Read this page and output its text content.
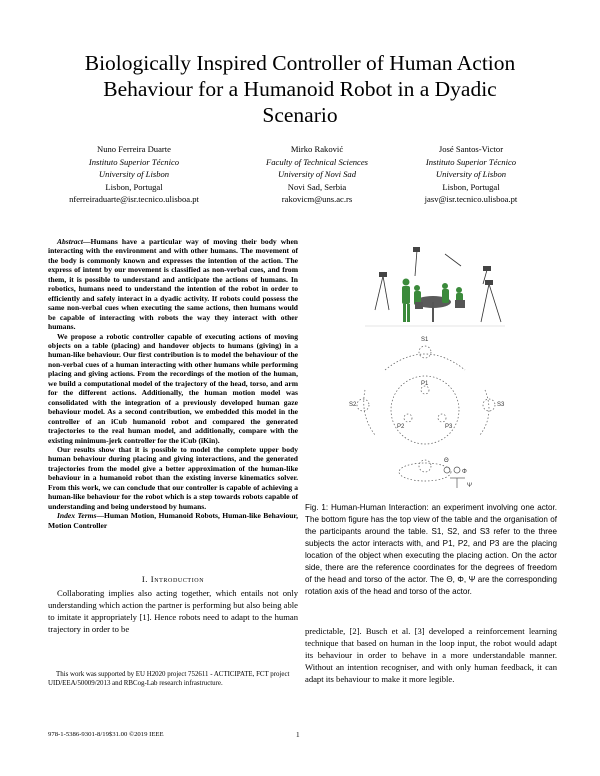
Biologically Inspired Controller of Human Action
Behaviour for a Humanoid Robot in a Dyadic
Scenario
Nuno Ferreira Duarte
Instituto Superior Técnico
University of Lisbon
Lisbon, Portugal
nferreiraduarte@isr.tecnico.ulisboa.pt
Mirko Raković
Faculty of Technical Sciences
University of Novi Sad
Novi Sad, Serbia
rakovicm@uns.ac.rs
José Santos-Victor
Instituto Superior Técnico
University of Lisbon
Lisbon, Portugal
jasv@isr.tecnico.ulisboa.pt

Abstract—Humans have a particular way of moving their body when interacting with the environment and with other humans. The movement of the body is commonly known and expresses the intention of the action. The express of intent by our movement is classified as non-verbal cues, and from them, it is possible to understand and anticipate the actions of humans. In robotics, humans need to understand the intention of the robot in order to efficiently and safely interact in a dyadic activity. If robots could possess the same non-verbal cues when executing the same actions, then humans would be capable of interacting with robots the way they interact with other humans.

We propose a robotic controller capable of executing actions of moving objects on a table (placing) and handover objects to humans (giving) in a human-like behaviour. Our first contribution is to model the behaviour of the non-verbal cues of a human interacting with other humans while performing placing and giving actions. From the recordings of the motion of the human, we build a computational model of the trajectory of the head, torso, and arm for the different actions. Additionally, the human motion model was consolidated with the integration of a previously developed human gaze behaviour model. As a second contribution, we embedded this model in the controller of an iCub humanoid robot and compared the generated trajectories to the real human model, and additionally, compare with the existing minimum-jerk controller for the iCub (iKin).

Our results show that it is possible to model the complete upper body human behaviour during placing and giving interactions, and the generated trajectories from the model give a better approximation of the human-like behaviour in a humanoid robot than the existing inverse kinematics solver. From this work, we can conclude that our controller is capable of achieving a human-like behaviour for the robot which is a step towards robots capable of understanding and being understood by humans.

Index Terms—Human Motion, Humanoid Robots, Human-like Behaviour, Motion Controller

I. Introduction

Collaborating implies also acting together, which entails not only understanding which action the partner is performing but also being able to imitate it appropriately [1]. Hence robots need to adapt to the human trajectory in order to be

This work was supported by EU H2020 project 752611 - ACTICIPATE, FCT project UID/EEA/50009/2013 and RBCog-Lab research infrastructure.

978-1-5386-9301-8/19$31.00 ©2019 IEEE	1
S1
S2	S3
P1
P2	P3
Θ
Φ
Ψ
Fig. 1: Human-Human Interaction: an experiment involving one actor. The bottom figure has the top view of the table and the organisation of the participants around the table. S1, S2, and S3 refer to the three subjects the actor interacts with, and P1, P2, and P3 are the placing location of the object when executing the placing action. On the actor side, there are the reference coordinates for the degrees of freedom of the head and torso of the actor. The Θ, Φ, Ψ are the corresponding rotation axis of the head and torso of the actor.

predictable, [2]. Busch et al. [3] developed a reinforcement learning technique that based on human in the loop input, the robot would adapt its behaviour in order to behave in a more understandable manner. Without an intention recogniser, and with only human feedback, it can adapt its behaviour to make it more legible.
